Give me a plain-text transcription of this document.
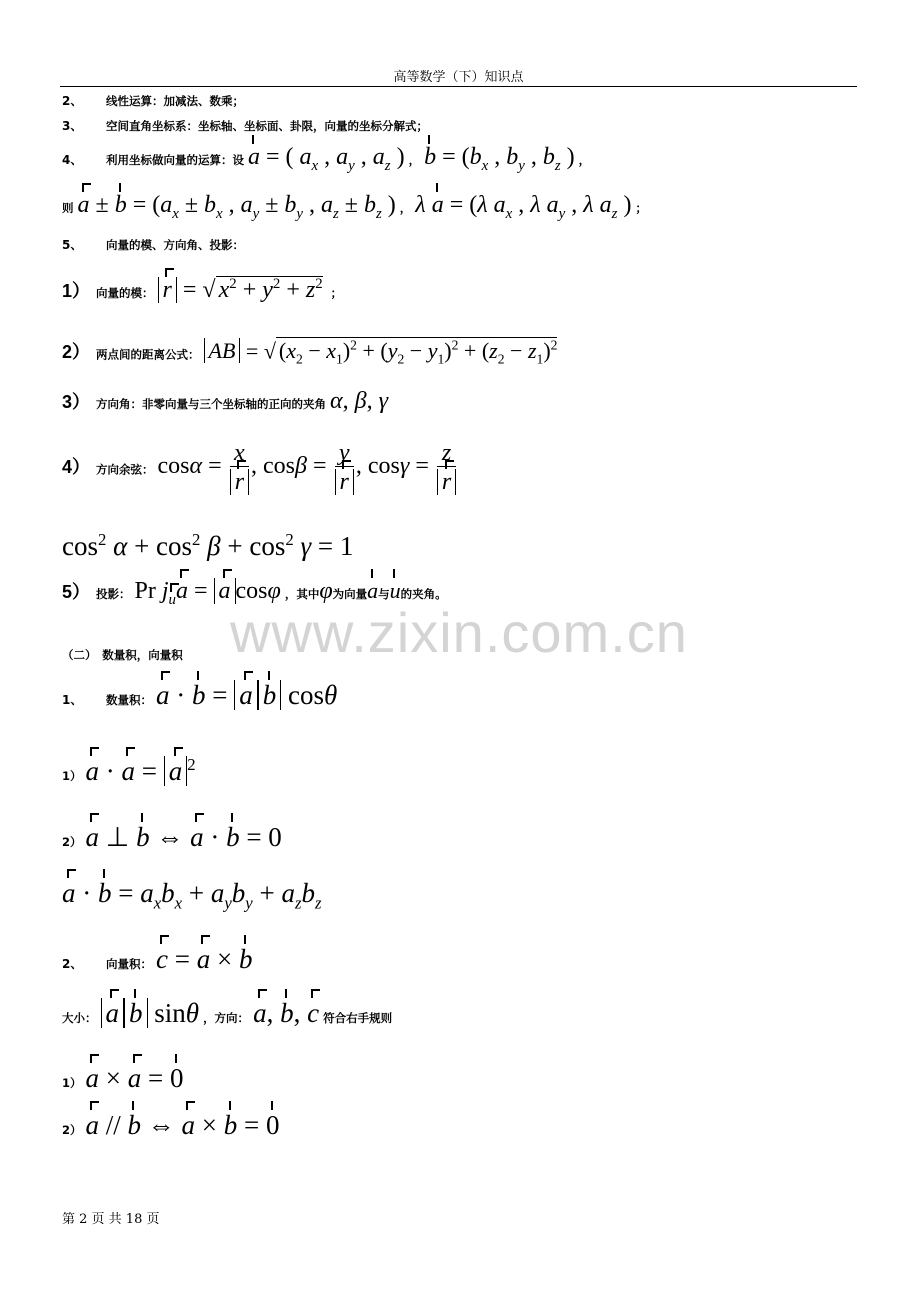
高等数学（下）知识点
www.zixin.com.cn
2、 线性运算：加减法、数乘；
3、 空间直角坐标系：坐标轴、坐标面、卦限，向量的坐标分解式；
4、 利用坐标做向量的运算：设 a = ( $a_x$ , $a_y$ , $a_z$ ) ， $b = (b_x$ , $b_y$ , $b_z$ ) ，
则 $a \pm b = (a_x \pm b_x$ , $a_y \pm b_y$ , $a_z \pm b_z$ ) ， λ a = (λ $a_x$ , λ $a_y$ , λ $a_z$ ) ；
5、 向量的模、方向角、投影：
1） 向量的模： r = √ $x^2 + y^2 + z^2$  ；
2） 两点间的距离公式： AB = √ $(x_2 - x_1)^2 + (y_2 - y_1)^2 + (z_2 - z_1)^2$
3） 方向角：非零向量与三个坐标轴的正向的夹角 α, β, γ
4） 方向余弦： $\cos\alpha = \frac{x}{r}$ , $\cos\beta = \frac{y}{r}$ , $\cos\gamma = \frac{z}{r}$
$\cos^2 \alpha + \cos^2 \beta + \cos^2 \gamma = 1$
5） 投影： Pr $j_ua = a$ cosφ ，其中φ为向量a与u的夹角。
（二）　数量积，向量积
1、 数量积： a · b = a b cosθ
1） a · a = a $^2$
2） a ⊥ b ⇔ a · b = 0
$a \cdot b = a_xb_x + a_yb_y + a_zb_z$
2、 向量积： c = a × b
大小： a b sinθ ，方向： a, b, c 符合右手规则
1） a × a = 0
2） a // b ⇔ a × b = 0
第 2 页 共 18 页
